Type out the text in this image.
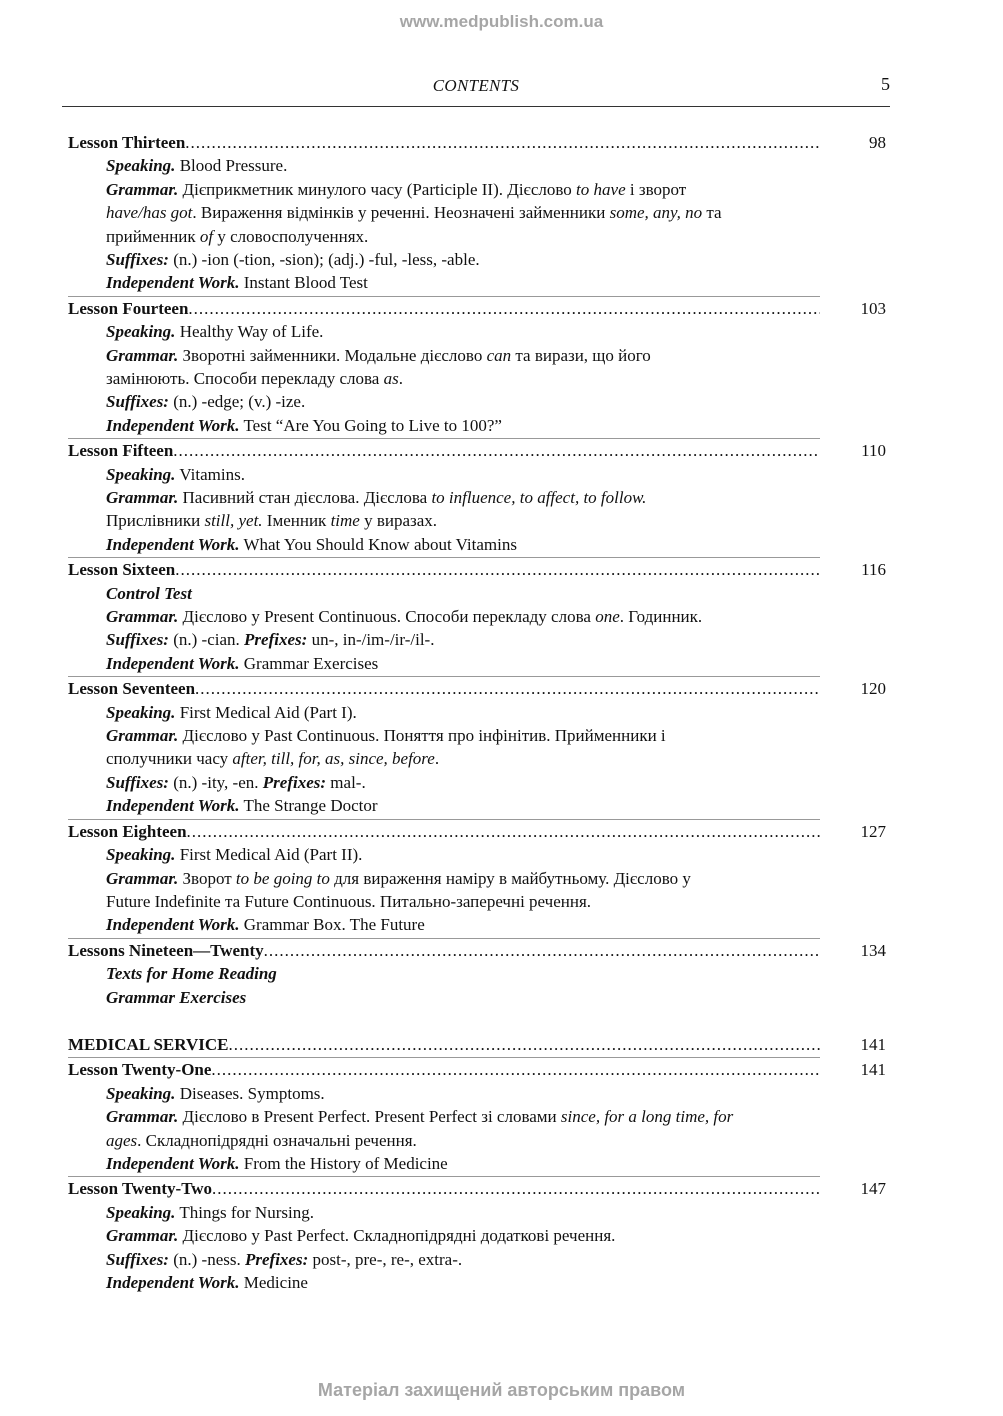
www.medpublish.com.ua
CONTENTS	5
Lesson Thirteen .....	98
Speaking. Blood Pressure.
Grammar. Дієприкметник минулого часу (Participle II). Дієслово to have і зворот
have/has got. Вираження відмінків у реченні. Неозначені займенники some, any, no та
прийменник of у словосполученнях.
Suffixes: (n.) -ion (-tion, -sion); (adj.) -ful, -less, -able.
Independent Work. Instant Blood Test
Lesson Fourteen .....	103
Speaking. Healthy Way of Life.
Grammar. Зворотні займенники. Модальне дієслово can та вирази, що його
замінюють. Способи перекладу слова as.
Suffixes: (n.) -edge; (v.) -ize.
Independent Work. Test “Are You Going to Live to 100?”
Lesson Fifteen .....	110
Speaking. Vitamins.
Grammar. Пасивний стан дієслова. Дієслова to influence, to affect, to follow.
Прислівники still, yet. Іменник time у виразах.
Independent Work. What You Should Know about Vitamins
Lesson Sixteen .....	116
Control Test
Grammar. Дієслово у Present Continuous. Способи перекладу слова one. Годинник.
Suffixes: (n.) -cian. Prefixes: un-, in-/im-/ir-/il-.
Independent Work. Grammar Exercises
Lesson Seventeen .....	120
Speaking. First Medical Aid (Part I).
Grammar. Дієслово у Past Continuous. Поняття про інфінітив. Прийменники і
сполучники часу after, till, for, as, since, before.
Suffixes: (n.) -ity, -en. Prefixes: mal-.
Independent Work. The Strange Doctor
Lesson Eighteen .....	127
Speaking. First Medical Aid (Part II).
Grammar. Зворот to be going to для вираження наміру в майбутньому. Дієслово у
Future Indefinite та Future Continuous. Питально-заперечні речення.
Independent Work. Grammar Box. The Future
Lessons Nineteen—Twenty .....	134
Texts for Home Reading
Grammar Exercises
MEDICAL SERVICE .....	141
Lesson Twenty-One .....	141
Speaking. Diseases. Symptoms.
Grammar. Дієслово в Present Perfect. Present Perfect зі словами since, for a long time, for
ages. Складнопідрядні означальні речення.
Independent Work. From the History of Medicine
Lesson Twenty-Two .....	147
Speaking. Things for Nursing.
Grammar. Дієслово у Past Perfect. Складнопідрядні додаткові речення.
Suffixes: (n.) -ness. Prefixes: post-, pre-, re-, extra-.
Independent Work. Medicine
Матеріал захищений авторським правом
